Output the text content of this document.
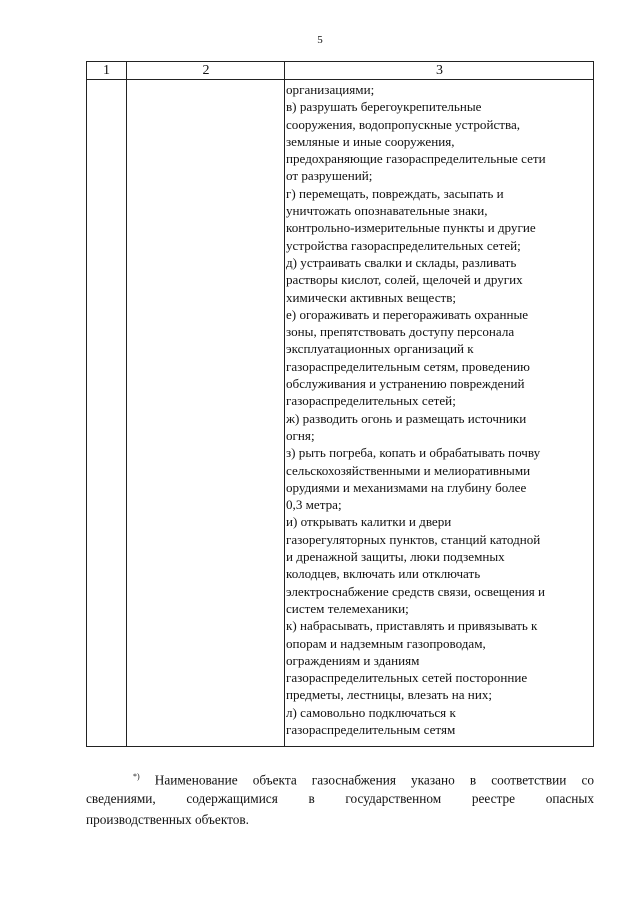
5
1	2	3
организациями;
в) разрушать берегоукрепительные
сооружения, водопропускные устройства,
земляные и иные сооружения,
предохраняющие газораспределительные сети
от разрушений;
г) перемещать, повреждать, засыпать и
уничтожать опознавательные знаки,
контрольно-измерительные пункты и другие
устройства газораспределительных сетей;
д) устраивать свалки и склады, разливать
растворы кислот, солей, щелочей и других
химически активных веществ;
е) огораживать и перегораживать охранные
зоны, препятствовать доступу персонала
эксплуатационных организаций к
газораспределительным сетям, проведению
обслуживания и устранению повреждений
газораспределительных сетей;
ж) разводить огонь и размещать источники
огня;
з) рыть погреба, копать и обрабатывать почву
сельскохозяйственными и мелиоративными
орудиями и механизмами на глубину более
0,3 метра;
и) открывать калитки и двери
газорегуляторных пунктов, станций катодной
и дренажной защиты, люки подземных
колодцев, включать или отключать
электроснабжение средств связи, освещения и
систем телемеханики;
к) набрасывать, приставлять и привязывать к
опорам и надземным газопроводам,
ограждениям и зданиям
газораспределительных сетей посторонние
предметы, лестницы, влезать на них;
л) самовольно подключаться к
газораспределительным сетям
*) Наименование объекта газоснабжения указано в соответствии со
сведениями, содержащимися в государственном реестре опасных
производственных объектов.
